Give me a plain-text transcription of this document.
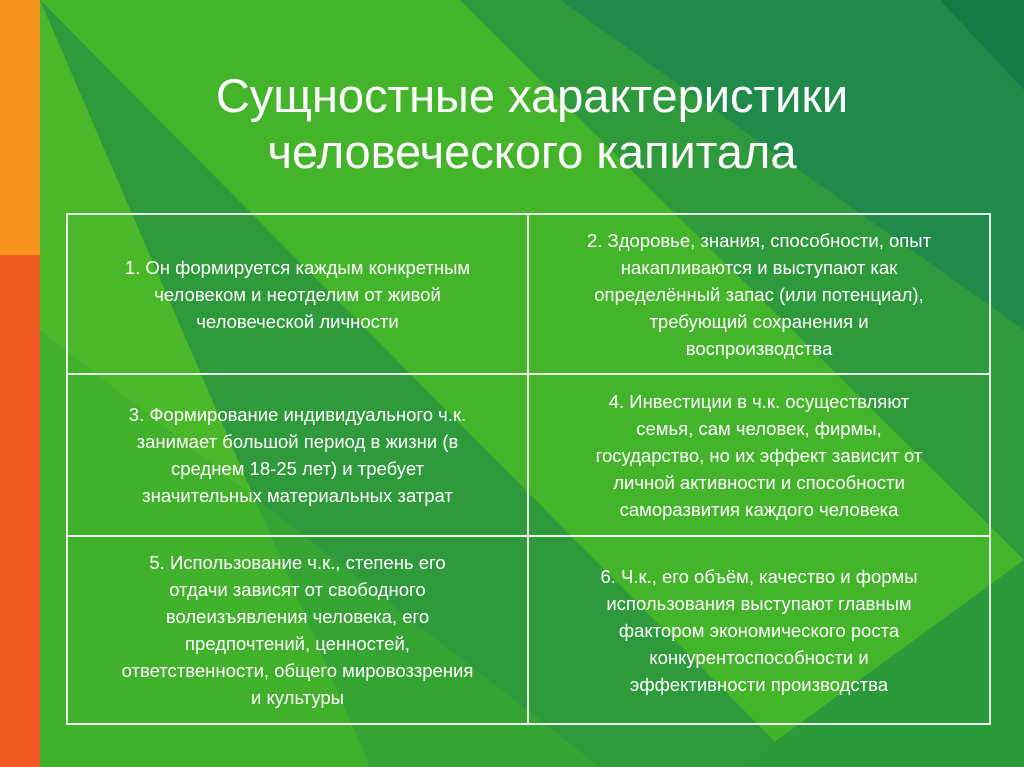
Сущностные характеристики
человеческого капитала
1. Он формируется каждым конкретным
человеком и неотделим от живой
человеческой личности
2. Здоровье, знания, способности, опыт
накапливаются и выступают как
определённый запас (или потенциал),
требующий сохранения и
воспроизводства
3. Формирование индивидуального ч.к.
занимает большой период в жизни (в
среднем 18-25 лет) и требует
значительных материальных затрат
4. Инвестиции в ч.к. осуществляют
семья, сам человек, фирмы,
государство, но их эффект зависит от
личной активности и способности
саморазвития каждого человека
5. Использование ч.к., степень его
отдачи зависят от свободного
волеизъявления человека, его
предпочтений, ценностей,
ответственности, общего мировоззрения
и культуры
6. Ч.к., его объём, качество и формы
использования выступают главным
фактором экономического роста
конкурентоспособности и
эффективности производства
